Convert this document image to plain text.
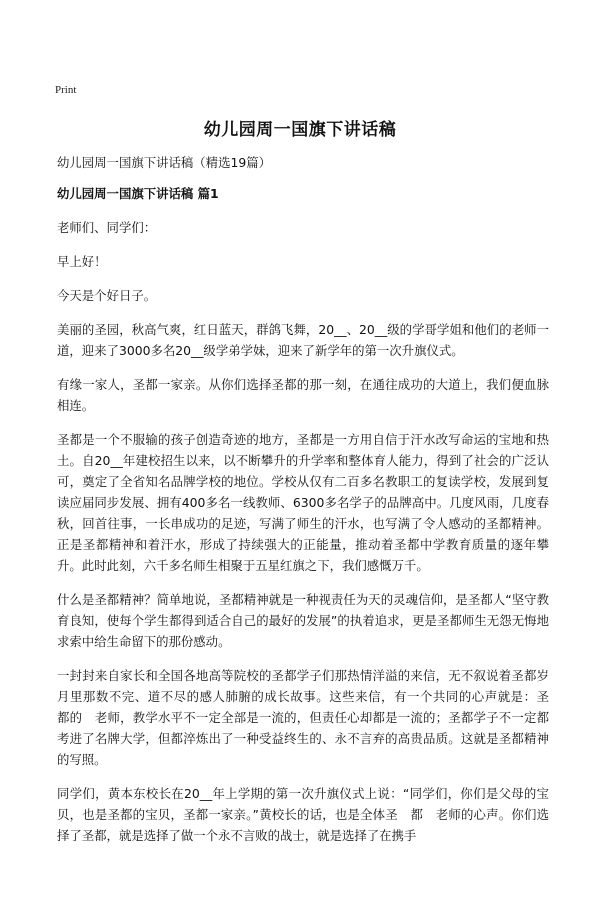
Print
幼儿园周一国旗下讲话稿

幼儿园周一国旗下讲话稿（精选19篇）

幼儿园周一国旗下讲话稿 篇1

老师们、同学们：

早上好！

今天是个好日子。

美丽的圣园，秋高气爽，红日蓝天，群鸽飞舞，20__、20__级的学哥学姐和他们的老师一道，迎来了3000多名20__级学弟学妹，迎来了新学年的第一次升旗仪式。

有缘一家人，圣都一家亲。从你们选择圣都的那一刻，在通往成功的大道上，我们便血脉相连。

圣都是一个不服输的孩子创造奇迹的地方，圣都是一方用自信于汗水改写命运的宝地和热土。自20__年建校招生以来，以不断攀升的升学率和整体育人能力，得到了社会的广泛认可，奠定了全省知名品牌学校的地位。学校从仅有二百多名教职工的复读学校，发展到复读应届同步发展、拥有400多名一线教师、6300多名学子的品牌高中。几度风雨，几度春秋，回首往事，一长串成功的足迹，写满了师生的汗水，也写满了令人感动的圣都精神。正是圣都精神和着汗水，形成了持续强大的正能量，推动着圣都中学教育质量的逐年攀升。此时此刻，六千多名师生相聚于五星红旗之下，我们感慨万千。

什么是圣都精神？简单地说，圣都精神就是一种视责任为天的灵魂信仰，是圣都人“坚守教育良知，使每个学生都得到适合自己的最好的发展”的执着追求，更是圣都师生无怨无悔地求索中给生命留下的那份感动。

一封封来自家长和全国各地高等院校的圣都学子们那热情洋溢的来信，无不叙说着圣都岁月里那数不完、道不尽的感人肺腑的成长故事。这些来信，有一个共同的心声就是：圣　都的　老师，教学水平不一定全部是一流的，但责任心却都是一流的；圣都学子不一定都考进了名牌大学，但都淬炼出了一种受益终生的、永不言弃的高贵品质。这就是圣都精神的写照。

同学们，黄本东校长在20__年上学期的第一次升旗仪式上说：“同学们，你们是父母的宝贝，也是圣都的宝贝，圣都一家亲。”黄校长的话，也是全体圣　都　老师的心声。你们选择了圣都，就是选择了做一个永不言败的战士，就是选择了在携手
